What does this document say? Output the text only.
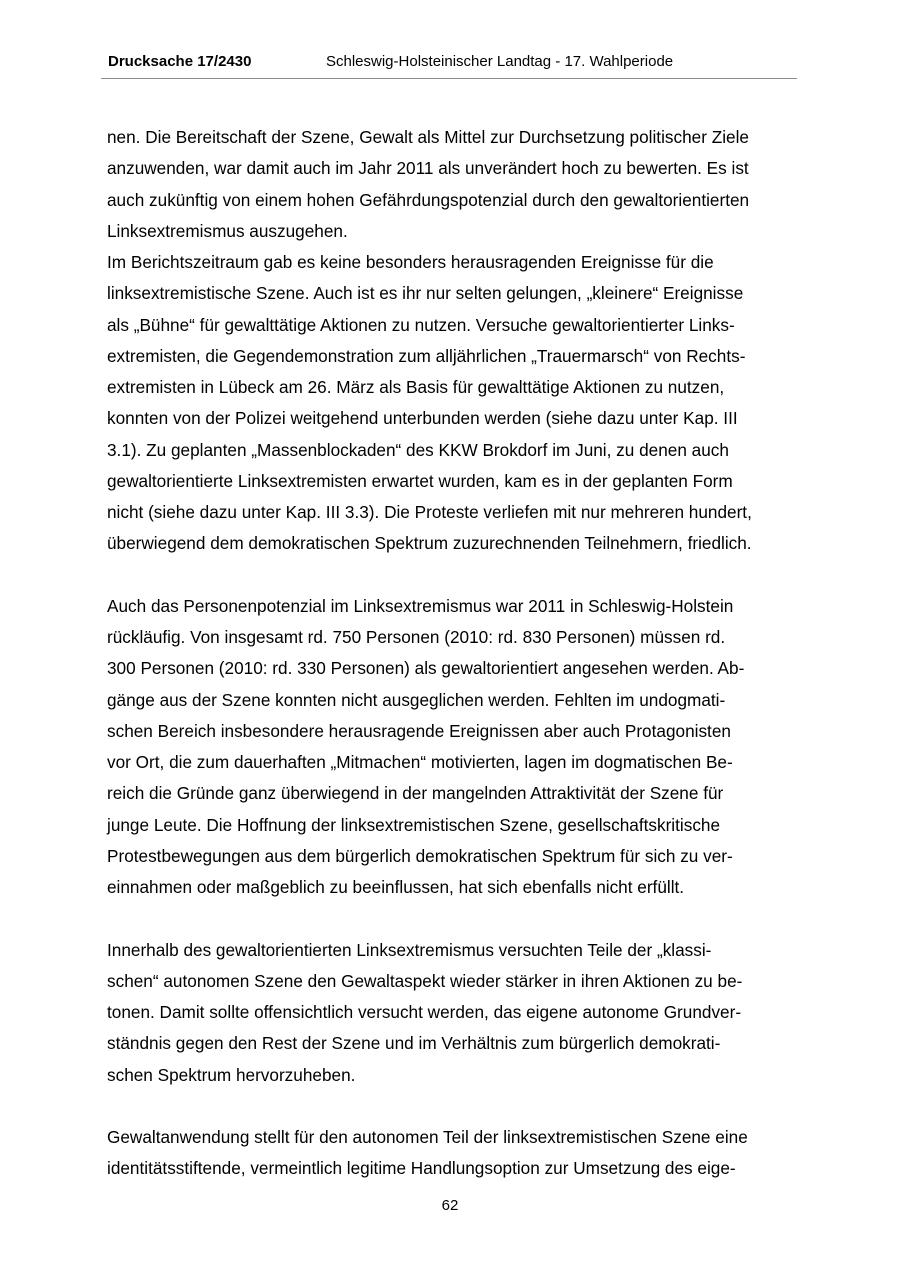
Drucksache 17/2430	Schleswig-Holsteinischer Landtag - 17. Wahlperiode

nen. Die Bereitschaft der Szene, Gewalt als Mittel zur Durchsetzung politischer Ziele
anzuwenden, war damit auch im Jahr 2011 als unverändert hoch zu bewerten. Es ist
auch zukünftig von einem hohen Gefährdungspotenzial durch den gewaltorientierten
Linksextremismus auszugehen.

Im Berichtszeitraum gab es keine besonders herausragenden Ereignisse für die
linksextremistische Szene. Auch ist es ihr nur selten gelungen, „kleinere“ Ereignisse
als „Bühne“ für gewalttätige Aktionen zu nutzen. Versuche gewaltorientierter Links-
extremisten, die Gegendemonstration zum alljährlichen „Trauermarsch“ von Rechts-
extremisten in Lübeck am 26. März als Basis für gewalttätige Aktionen zu nutzen,
konnten von der Polizei weitgehend unterbunden werden (siehe dazu unter Kap. III
3.1). Zu geplanten „Massenblockaden“ des KKW Brokdorf im Juni, zu denen auch
gewaltorientierte Linksextremisten erwartet wurden, kam es in der geplanten Form
nicht (siehe dazu unter Kap. III 3.3). Die Proteste verliefen mit nur mehreren hundert,
überwiegend dem demokratischen Spektrum zuzurechnenden Teilnehmern, friedlich.

Auch das Personenpotenzial im Linksextremismus war 2011 in Schleswig-Holstein
rückläufig. Von insgesamt rd. 750 Personen (2010: rd. 830 Personen) müssen rd.
300 Personen (2010: rd. 330 Personen) als gewaltorientiert angesehen werden. Ab-
gänge aus der Szene konnten nicht ausgeglichen werden. Fehlten im undogmati-
schen Bereich insbesondere herausragende Ereignissen aber auch Protagonisten
vor Ort, die zum dauerhaften „Mitmachen“ motivierten, lagen im dogmatischen Be-
reich die Gründe ganz überwiegend in der mangelnden Attraktivität der Szene für
junge Leute. Die Hoffnung der linksextremistischen Szene, gesellschaftskritische
Protestbewegungen aus dem bürgerlich demokratischen Spektrum für sich zu ver-
einnahmen oder maßgeblich zu beeinflussen, hat sich ebenfalls nicht erfüllt.

Innerhalb des gewaltorientierten Linksextremismus versuchten Teile der „klassi-
schen“ autonomen Szene den Gewaltaspekt wieder stärker in ihren Aktionen zu be-
tonen. Damit sollte offensichtlich versucht werden, das eigene autonome Grundver-
ständnis gegen den Rest der Szene und im Verhältnis zum bürgerlich demokrati-
schen Spektrum hervorzuheben.

Gewaltanwendung stellt für den autonomen Teil der linksextremistischen Szene eine
identitätsstiftende, vermeintlich legitime Handlungsoption zur Umsetzung des eige-

62
